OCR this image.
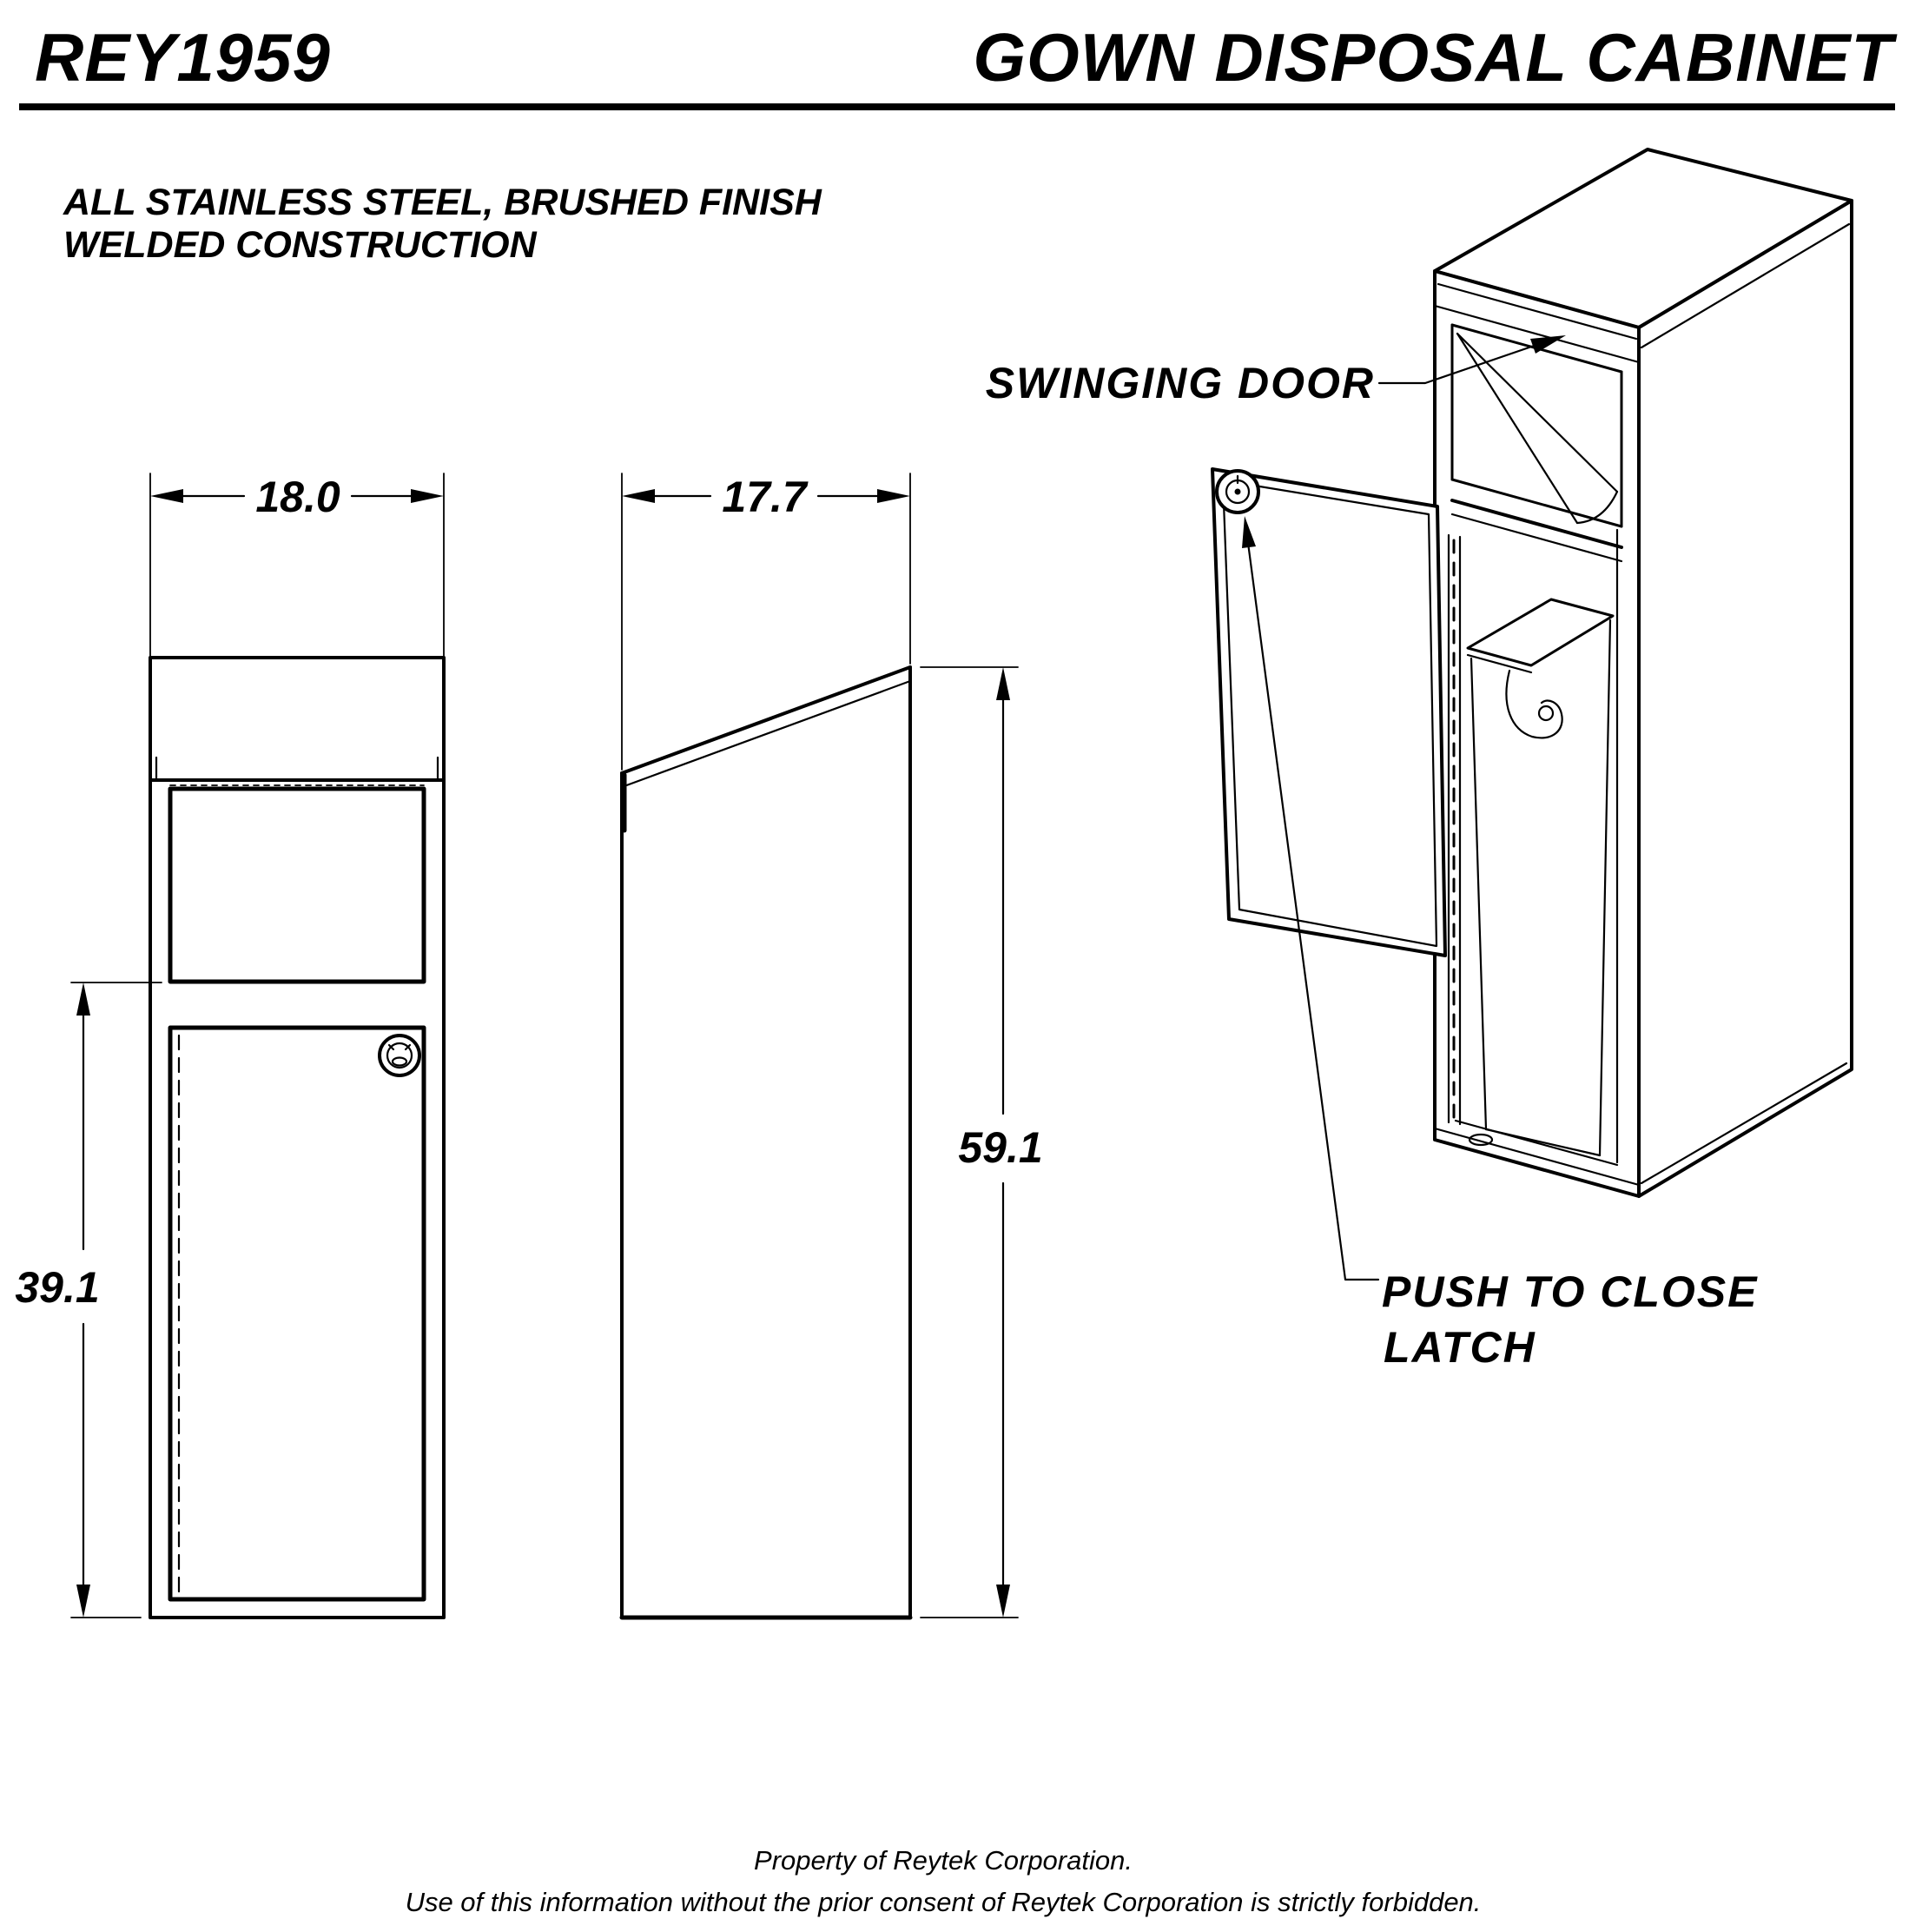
REY1959	GOWN DISPOSAL CABINET
ALL STAINLESS STEEL, BRUSHED FINISH
WELDED CONSTRUCTION
18.0
39.1
17.7
59.1
SWINGING DOOR
PUSH TO CLOSE
LATCH
Property of Reytek Corporation.
Use of this information without the prior consent of Reytek Corporation is strictly forbidden.
